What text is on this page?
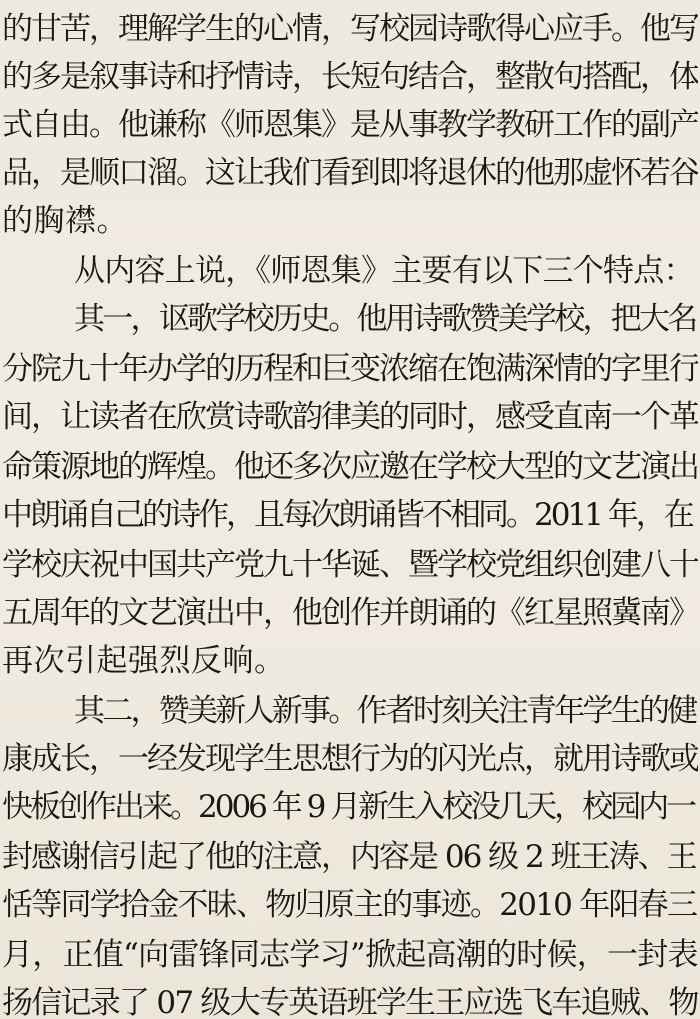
的甘苦，理解学生的心情，写校园诗歌得心应手。他写
的多是叙事诗和抒情诗，长短句结合，整散句搭配，体
式自由。他谦称《师恩集》是从事教学教研工作的副产
品，是顺口溜。这让我们看到即将退休的他那虚怀若谷
的胸襟。
从内容上说，《师恩集》主要有以下三个特点：
其一，讴歌学校历史。他用诗歌赞美学校，把大名
分院九十年办学的历程和巨变浓缩在饱满深情的字里行
间，让读者在欣赏诗歌韵律美的同时，感受直南一个革
命策源地的辉煌。他还多次应邀在学校大型的文艺演出
中朗诵自己的诗作，且每次朗诵皆不相同。2011 年，在
学校庆祝中国共产党九十华诞、暨学校党组织创建八十
五周年的文艺演出中，他创作并朗诵的《红星照冀南》
再次引起强烈反响。
其二，赞美新人新事。作者时刻关注青年学生的健
康成长，一经发现学生思想行为的闪光点，就用诗歌或
快板创作出来。2006 年 9 月新生入校没几天，校园内一
封感谢信引起了他的注意，内容是 06 级 2 班王涛、王
恬等同学拾金不昧、物归原主的事迹。2010 年阳春三
月，正值“向雷锋同志学习”掀起高潮的时候，一封表
扬信记录了 07 级大专英语班学生王应选飞车追贼、物
